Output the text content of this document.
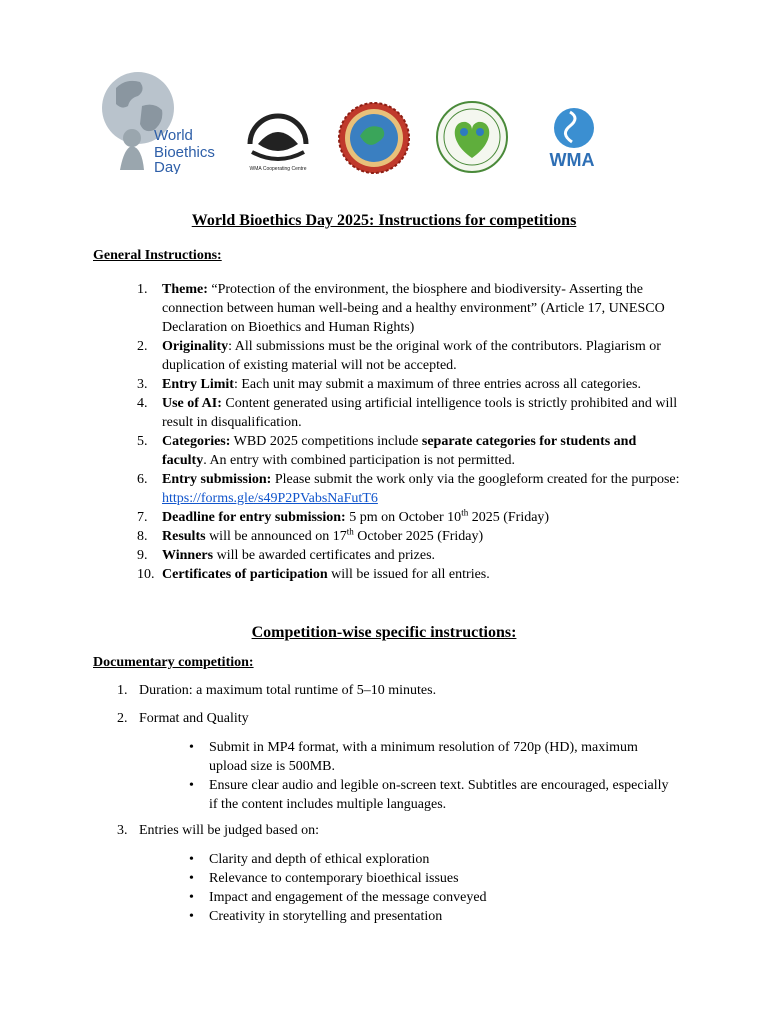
World
Bioethics
Day	WMA Cooperating Centre	WMA
World Bioethics Day 2025: Instructions for competitions
General Instructions:
1.	Theme: “Protection of the environment, the biosphere and biodiversity- Asserting the connection between human well-being and a healthy environment” (Article 17, UNESCO Declaration on Bioethics and Human Rights)
2.	Originality: All submissions must be the original work of the contributors. Plagiarism or duplication of existing material will not be accepted.
3.	Entry Limit: Each unit may submit a maximum of three entries across all categories.
4.	Use of AI: Content generated using artificial intelligence tools is strictly prohibited and will result in disqualification.
5.	Categories: WBD 2025 competitions include separate categories for students and faculty. An entry with combined participation is not permitted.
6.	Entry submission: Please submit the work only via the googleform created for the purpose: https://forms.gle/s49P2PVabsNaFutT6
7.	Deadline for entry submission: 5 pm on October 10th 2025 (Friday)
8.	Results will be announced on 17th October 2025 (Friday)
9.	Winners will be awarded certificates and prizes.
10. Certificates of participation will be issued for all entries.
Competition-wise specific instructions:
Documentary competition:
1. Duration: a maximum total runtime of 5–10 minutes.
2. Format and Quality
• Submit in MP4 format, with a minimum resolution of 720p (HD), maximum upload size is 500MB.
• Ensure clear audio and legible on-screen text. Subtitles are encouraged, especially if the content includes multiple languages.
3. Entries will be judged based on:
• Clarity and depth of ethical exploration
• Relevance to contemporary bioethical issues
• Impact and engagement of the message conveyed
• Creativity in storytelling and presentation
